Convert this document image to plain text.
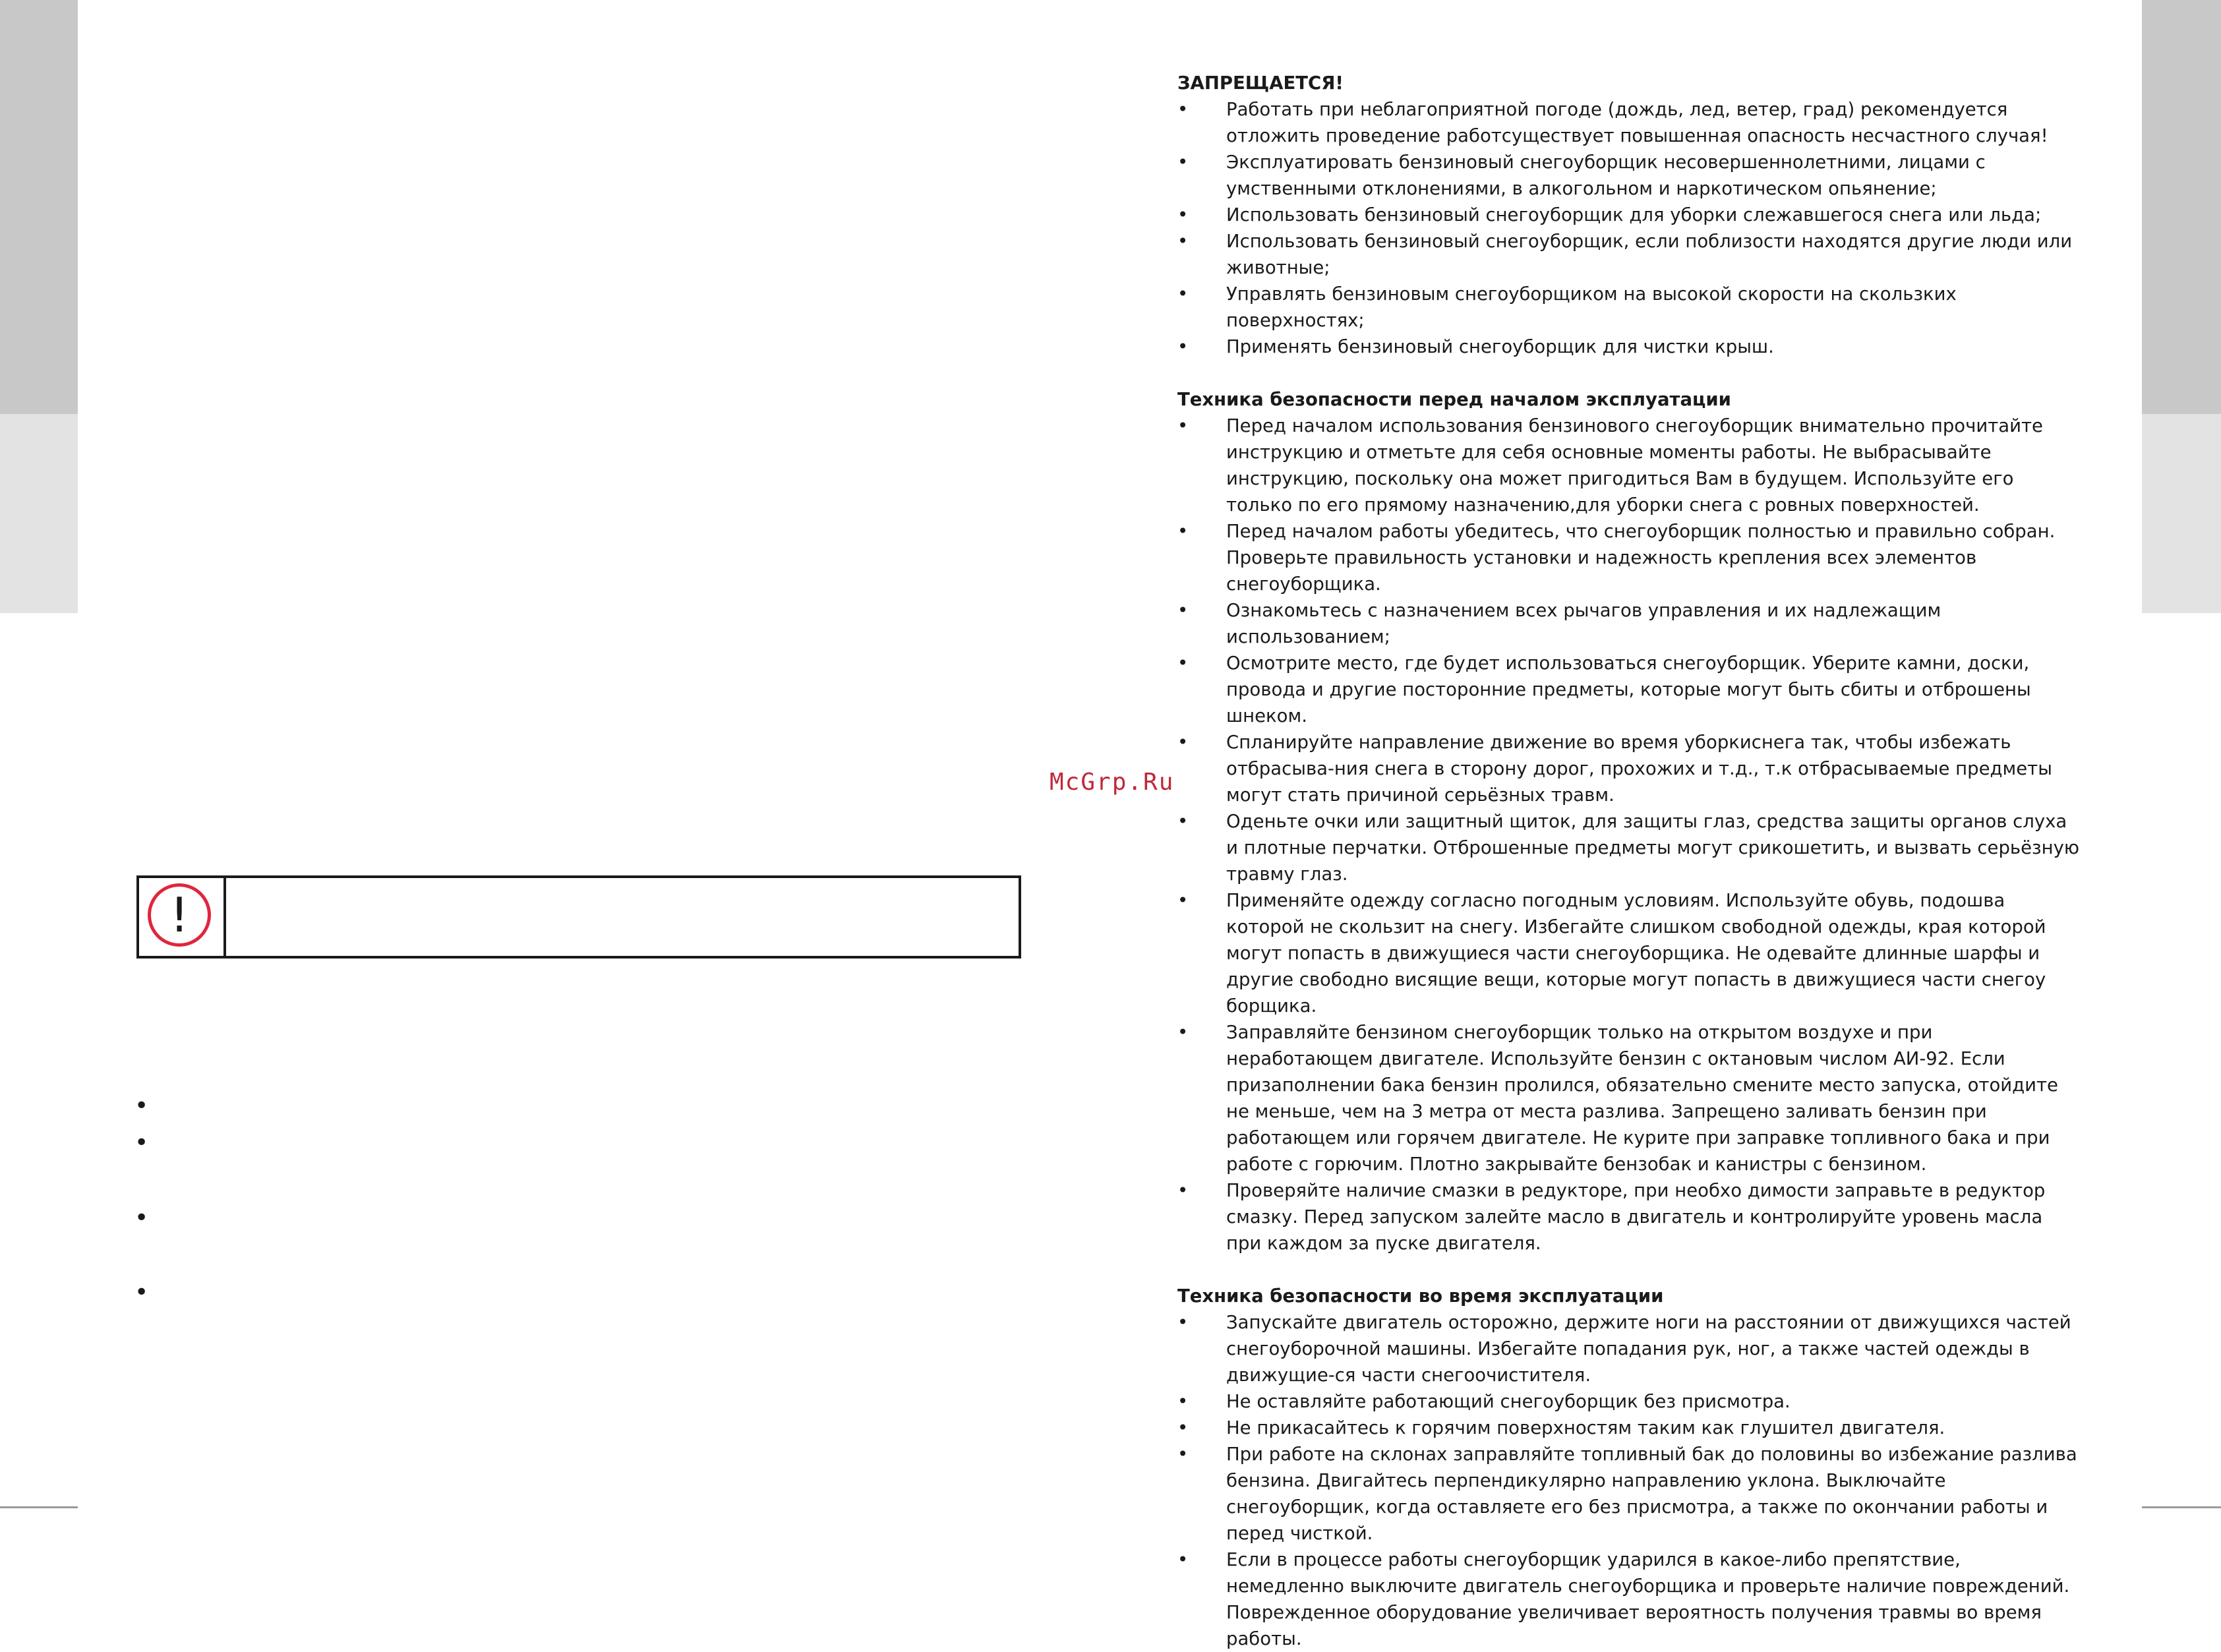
!
•
•
•
•
McGrp.Ru

ЗАПРЕЩАЕТСЯ!

• Работать при неблагоприятной погоде (дождь, лед, ветер, град) рекомендуется отложить проведение работсуществует повышенная опасность несчастного случая!
• Эксплуатировать бензиновый снегоуборщик несовершеннолетними, лицами с умственными отклонениями, в алкогольном и наркотическом опьянение;
• Использовать бензиновый снегоуборщик для уборки слежавшегося снега или льда;
• Использовать бензиновый снегоуборщик, если поблизости находятся другие люди или животные;
• Управлять бензиновым снегоуборщиком на высокой скорости на скользких поверхностях;
• Применять бензиновый снегоуборщик для чистки крыш.

Техника безопасности перед началом эксплуатации

• Перед началом использования бензинового снегоуборщик внимательно прочитайте инструкцию и отметьте для себя основные моменты работы. Не выбрасывайте инструкцию, поскольку она может пригодиться Вам в будущем. Используйте его только по его прямому назначению,для уборки снега с ровных поверхностей.
• Перед началом работы убедитесь, что снегоуборщик полностью и правильно собран. Проверьте правильность установки и надежность крепления всех элементов снегоуборщика.
• Ознакомьтесь с назначением всех рычагов управления и их надлежащим использованием;
• Осмотрите место, где будет использоваться снегоуборщик. Уберите камни, доски, провода и другие посторонние предметы, которые могут быть сбиты и отброшены шнеком.
• Спланируйте направление движение во время уборкиснега так, чтобы избежать отбрасыва-ния снега в сторону дорог, прохожих и т.д., т.к отбрасываемые предметы могут стать причиной серьёзных травм.
• Оденьте очки или защитный щиток, для защиты глаз, средства защиты органов слуха и плотные перчатки. Отброшенные предметы могут срикошетить, и вызвать серьёзную травму глаз.
• Применяйте одежду согласно погодным условиям. Используйте обувь, подошва которой не скользит на снегу. Избегайте слишком свободной одежды, края которой могут попасть в движущиеся части снегоуборщика. Не одевайте длинные шарфы и другие свободно висящие вещи, которые могут попасть в движущиеся части снегоу борщика.
• Заправляйте бензином снегоуборщик только на открытом воздухе и при неработающем двигателе. Используйте бензин с октановым числом АИ-92. Если призаполнении бака бензин пролился, обязательно смените место запуска, отойдите не меньше, чем на 3 метра от места разлива. Запрещено заливать бензин при работающем или горячем двигателе. Не курите при заправке топливного бака и при работе с горючим. Плотно закрывайте бензобак и канистры с бензином.
• Проверяйте наличие смазки в редукторе, при необхо димости заправьте в редуктор смазку. Перед запуском залейте масло в двигатель и контролируйте уровень масла при каждом за пуске двигателя.

Техника безопасности во время эксплуатации

• Запускайте двигатель осторожно, держите ноги на расстоянии от движущихся частей снегоуборочной машины. Избегайте попадания рук, ног, а также частей одежды в движущие-ся части снегоочистителя.
• Не оставляйте работающий снегоуборщик без присмотра.
• Не прикасайтесь к горячим поверхностям таким как глушител двигателя.
• При работе на склонах заправляйте топливный бак до половины во избежание разлива бензина. Двигайтесь перпендикулярно направлению уклона. Выключайте снегоуборщик, когда оставляете его без присмотра, а также по окончании работы и перед чисткой.
• Если в процессе работы снегоуборщик ударился в какое-либо препятствие, немедленно выключите двигатель снегоуборщика и проверьте наличие повреждений. Поврежденное оборудование увеличивает вероятность получения травмы во время работы.
